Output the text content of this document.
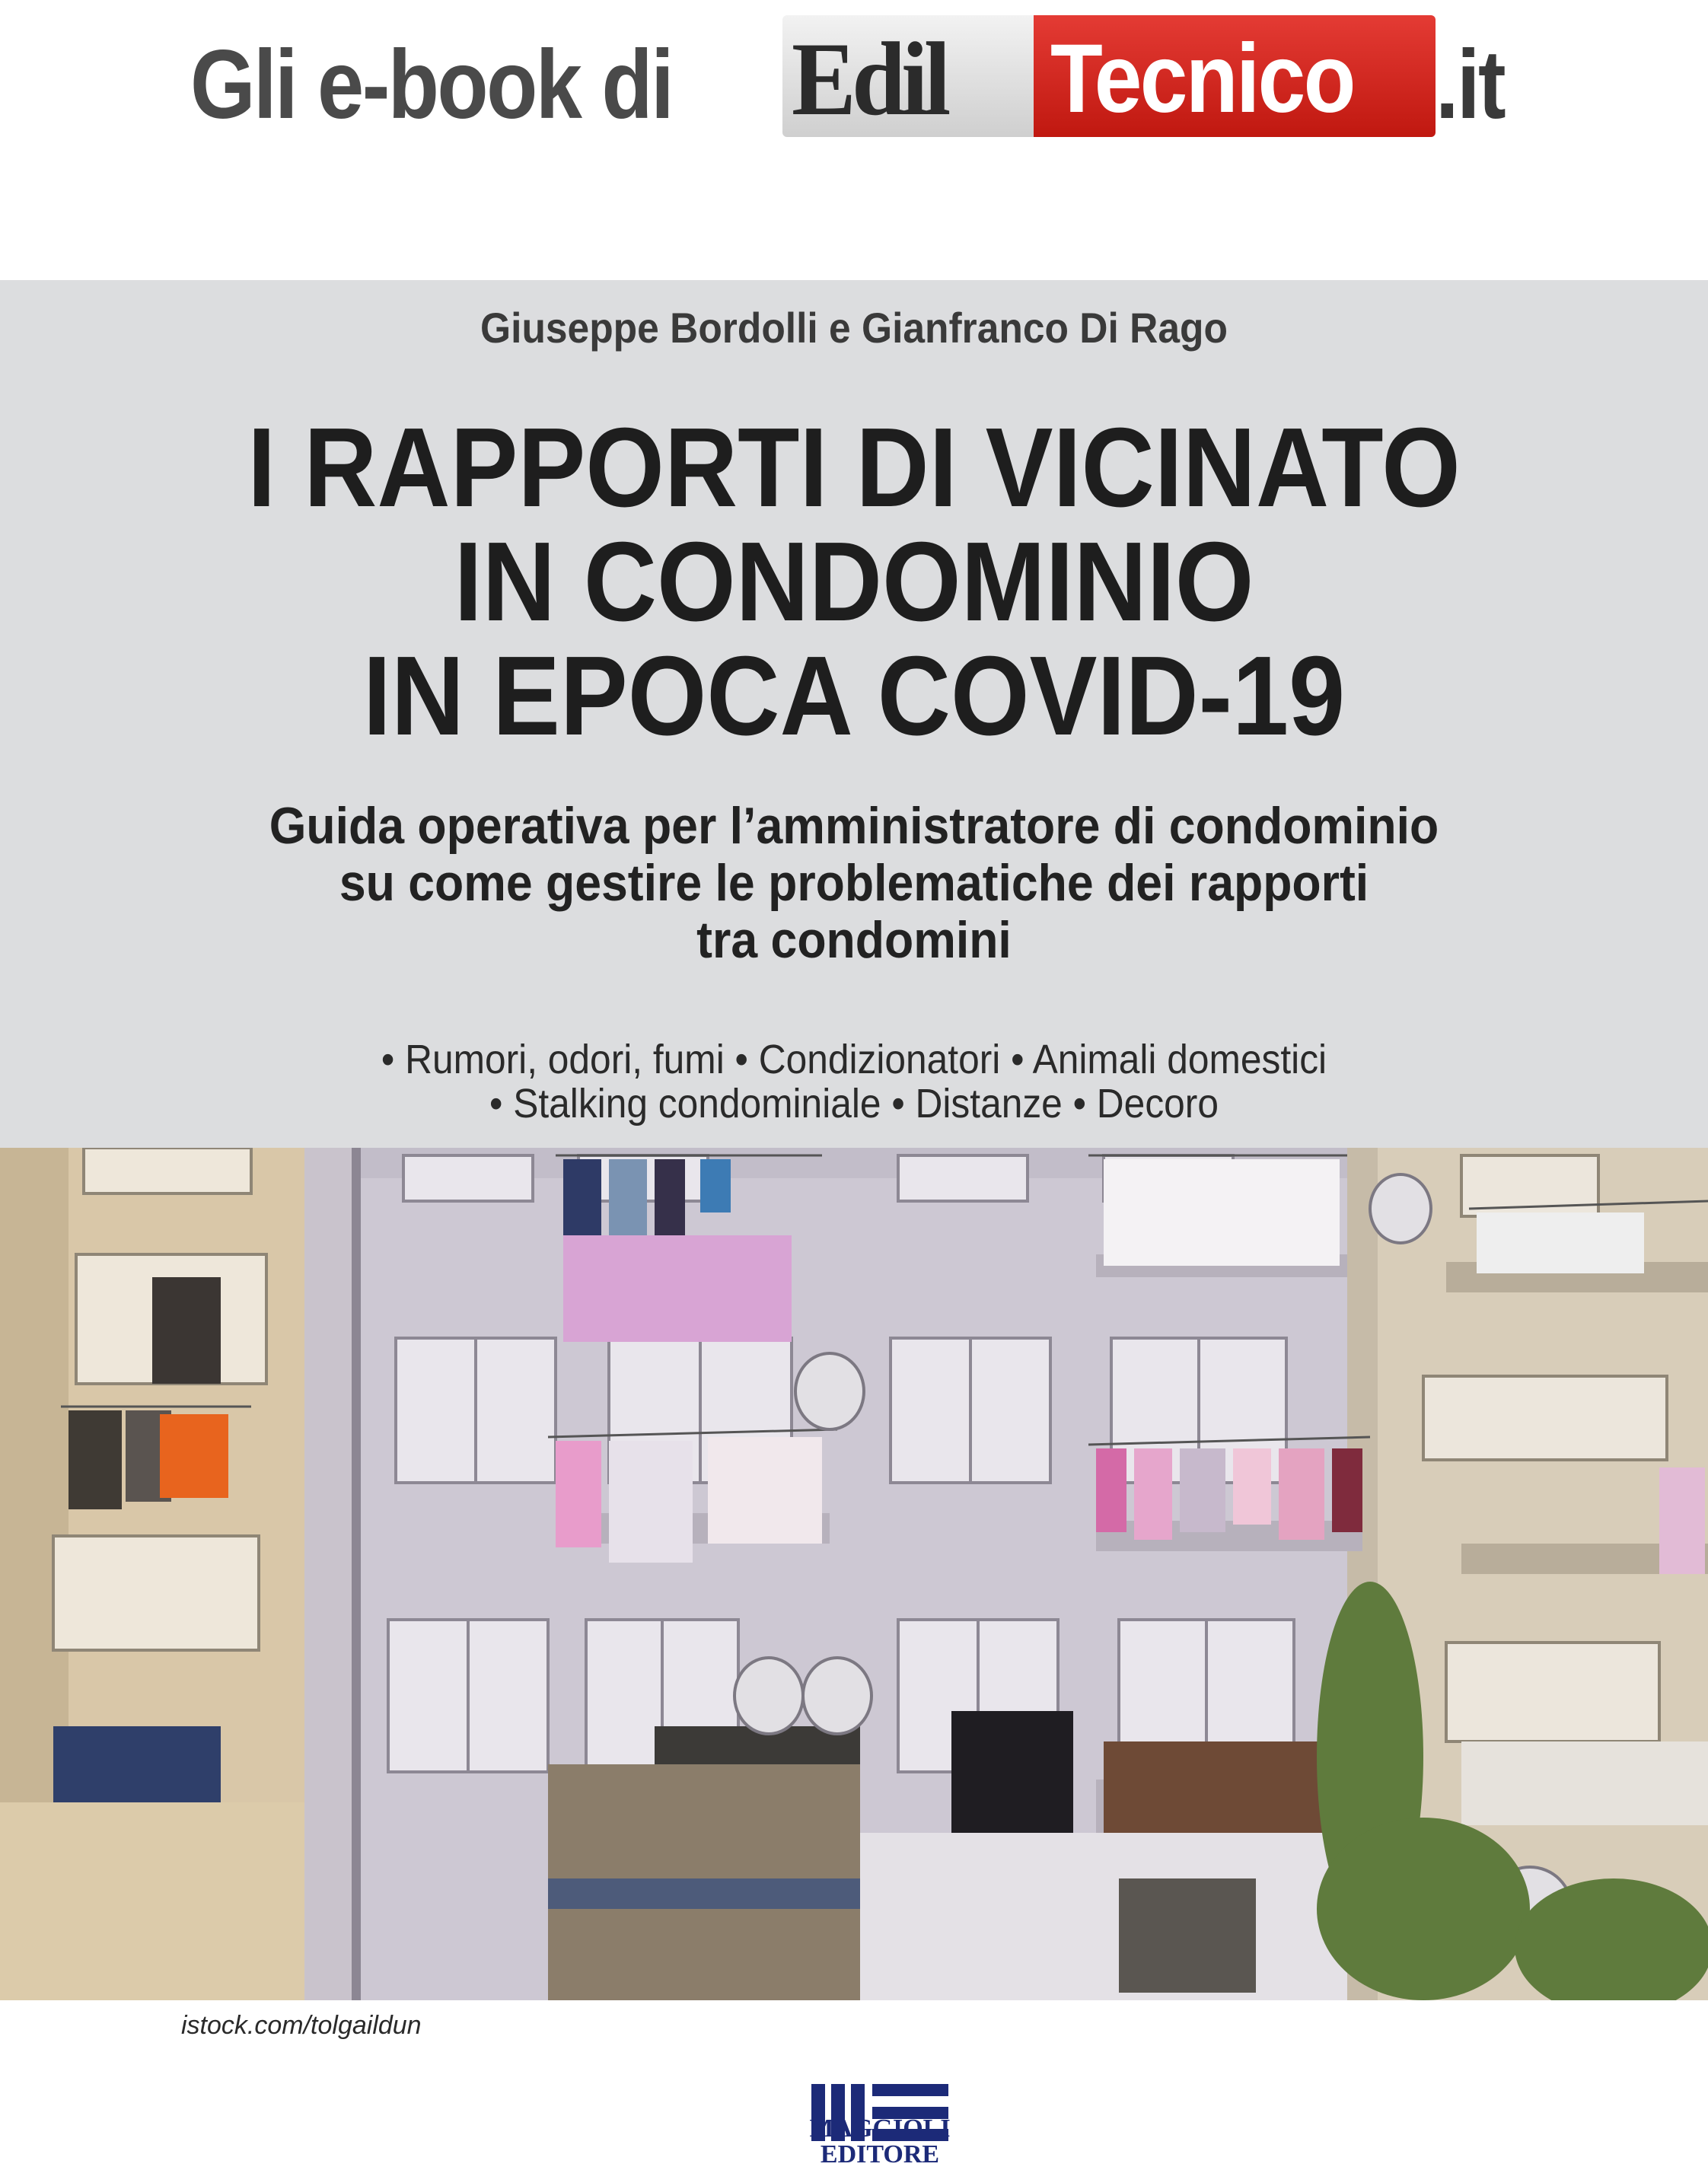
Gli e-book di Edil Tecnico .it
Giuseppe Bordolli e Gianfranco Di Rago
I RAPPORTI DI VICINATO
IN CONDOMINIO
IN EPOCA COVID-19
Guida operativa per l’amministratore di condominio
su come gestire le problematiche dei rapporti
tra condomini
• Rumori, odori, fumi • Condizionatori • Animali domestici
• Stalking condominiale • Distanze • Decoro
istock.com/tolgaildun
MAGGIOLI
EDITORE
